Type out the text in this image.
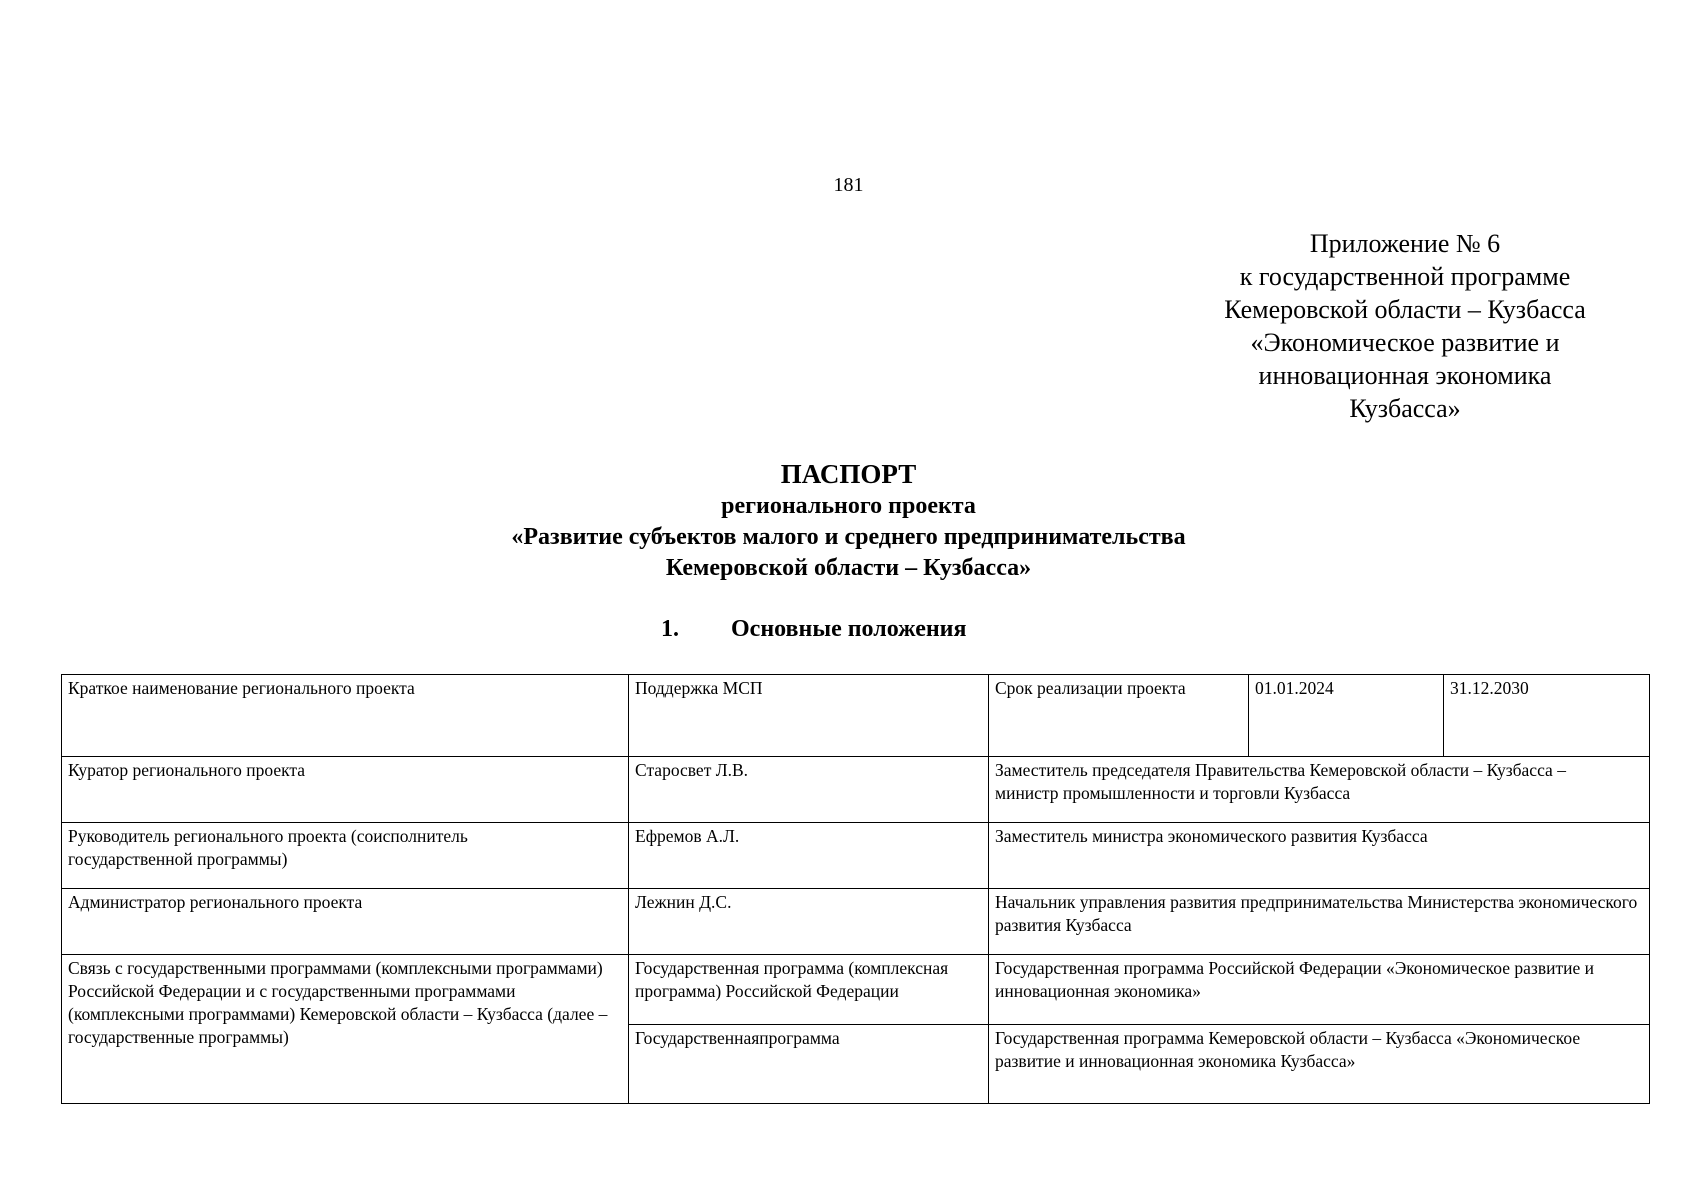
181
Приложение № 6
к государственной программе
Кемеровской области – Кузбасса
«Экономическое развитие и
инновационная экономика
Кузбасса»
ПАСПОРТ
регионального проекта
«Развитие субъектов малого и среднего предпринимательства
Кемеровской области – Кузбасса»
1. Основные положения
Краткое наименование регионального проекта	Поддержка МСП	Срок реализации проекта	01.01.2024	31.12.2030
Куратор регионального проекта	Старосвет Л.В.	Заместитель председателя Правительства Кемеровской области – Кузбасса – министр промышленности и торговли Кузбасса		
Руководитель регионального проекта (соисполнитель государственной программы)	Ефремов А.Л.	Заместитель министра экономического развития Кузбасса		
Администратор регионального проекта	Лежнин Д.С.	Начальник управления развития предпринимательства Министерства экономического развития Кузбасса		
Связь с государственными программами (комплексными программами) Российской Федерации и с государственными программами (комплексными программами) Кемеровской области – Кузбасса (далее – государственные программы)	Государственная программа (комплексная программа) Российской Федерации	Государственная программа Российской Федерации «Экономическое развитие и инновационная экономика»		
	Государственнаяпрограмма	Государственная программа Кемеровской области – Кузбасса «Экономическое развитие и инновационная экономика Кузбасса»		
